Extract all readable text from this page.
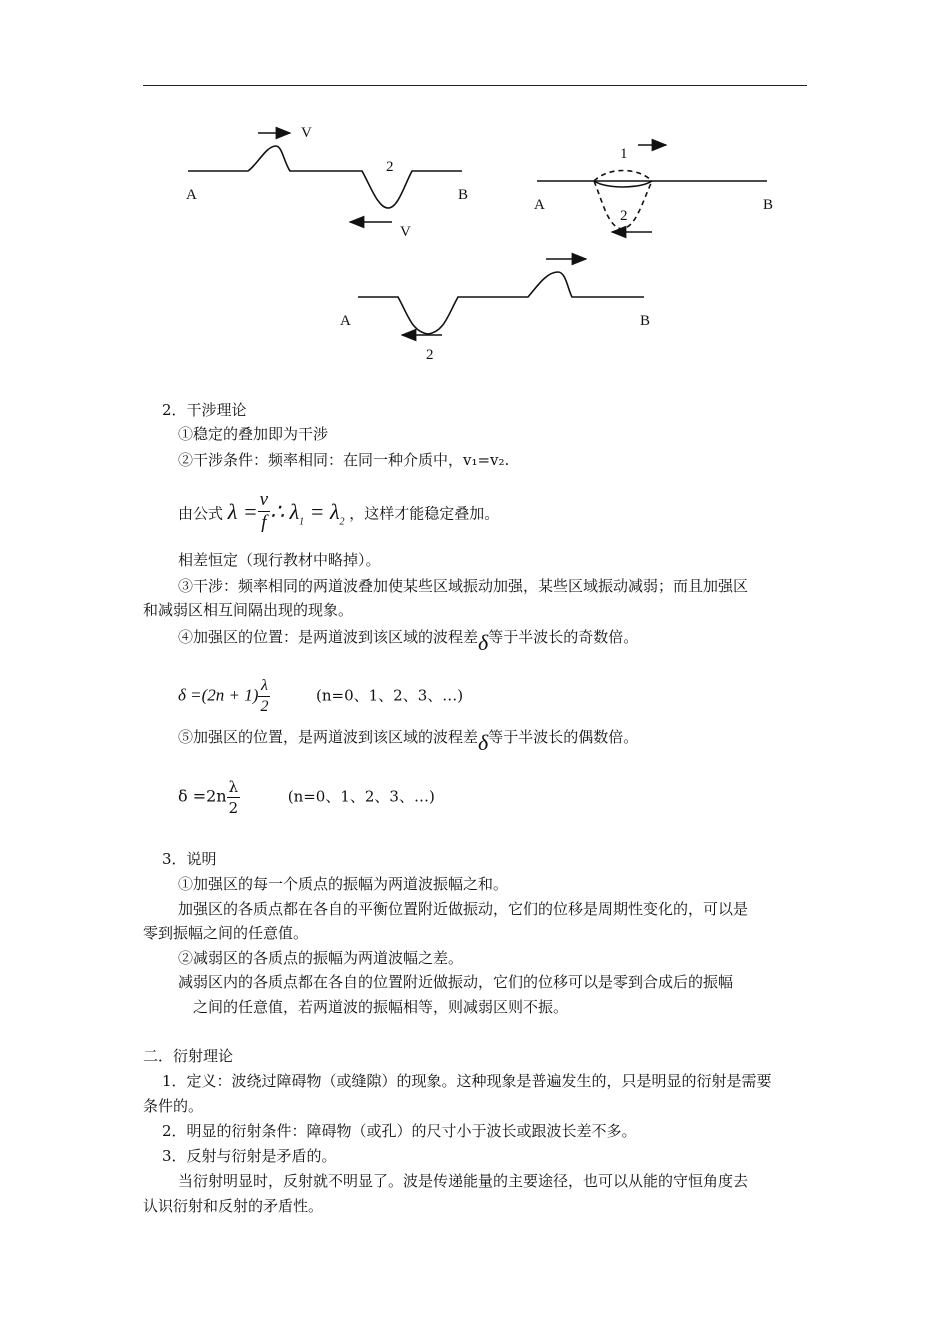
A	B
V
V
2
A	B
1
2
A	B
2
2．干涉理论
①稳定的叠加即为干涉
②干涉条件：频率相同：在同一种介质中，v₁=v₂.
由公式 $\lambda = \frac{v}{f}$ ∴ $\lambda_1 = \lambda_2$ ，这样才能稳定叠加。
相差恒定（现行教材中略掉）。
③干涉：频率相同的两道波叠加使某些区域振动加强，某些区域振动减弱；而且加强区
和减弱区相互间隔出现的现象。
④加强区的位置：是两道波到该区域的波程差δ等于半波长的奇数倍。
$\delta =(2n + 1) \frac{\lambda}{2}$	(n=0、1、2、3、…)
⑤加强区的位置，是两道波到该区域的波程差δ等于半波长的偶数倍。
$\delta =2n \frac{\lambda}{2}$	(n=0、1、2、3、…)
3．说明
①加强区的每一个质点的振幅为两道波振幅之和。
加强区的各质点都在各自的平衡位置附近做振动，它们的位移是周期性变化的，可以是
零到振幅之间的任意值。
②减弱区的各质点的振幅为两道波幅之差。
减弱区内的各质点都在各自的位置附近做振动，它们的位移可以是零到合成后的振幅
之间的任意值，若两道波的振幅相等，则减弱区则不振。
二．衍射理论
1．定义：波绕过障碍物（或缝隙）的现象。这种现象是普遍发生的，只是明显的衍射是需要
条件的。
2．明显的衍射条件：障碍物（或孔）的尺寸小于波长或跟波长差不多。
3．反射与衍射是矛盾的。
当衍射明显时，反射就不明显了。波是传递能量的主要途径，也可以从能的守恒角度去
认识衍射和反射的矛盾性。
